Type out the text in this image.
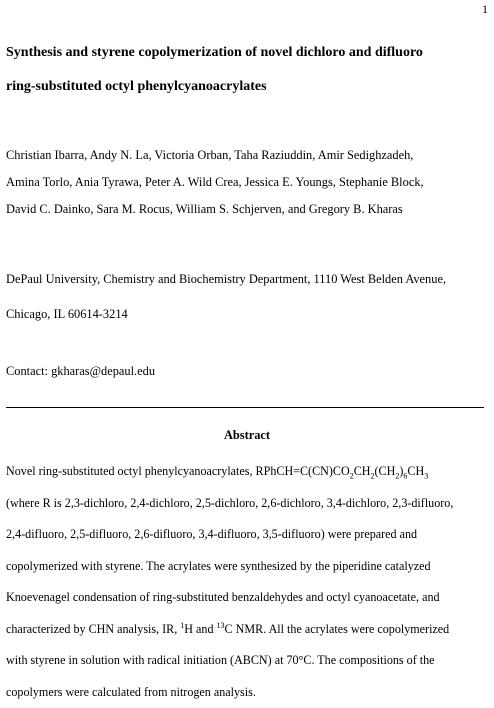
1
Synthesis and styrene copolymerization of novel dichloro and difluoro
ring-substituted octyl phenylcyanoacrylates

Christian Ibarra, Andy N. La, Victoria Orban, Taha Raziuddin, Amir Sedighzadeh,
Amina Torlo, Ania Tyrawa, Peter A. Wild Crea, Jessica E. Youngs, Stephanie Block,
David C. Dainko, Sara M. Rocus, William S. Schjerven, and Gregory B. Kharas

DePaul University, Chemistry and Biochemistry Department, 1110 West Belden Avenue,
Chicago, IL 60614-3214

Contact: gkharas@depaul.edu

Abstract

Novel ring-substituted octyl phenylcyanoacrylates, $RPhCH=C(CN)CO_2CH_2(CH_2)_6CH_3$
(where R is 2,3-dichloro, 2,4-dichloro, 2,5-dichloro, 2,6-dichloro, 3,4-dichloro, 2,3-difluoro,
2,4-difluoro, 2,5-difluoro, 2,6-difluoro, 3,4-difluoro, 3,5-difluoro) were prepared and
copolymerized with styrene. The acrylates were synthesized by the piperidine catalyzed
Knoevenagel condensation of ring-substituted benzaldehydes and octyl cyanoacetate, and
characterized by CHN analysis, IR, $^1$H and $^{13}$C NMR. All the acrylates were copolymerized
with styrene in solution with radical initiation (ABCN) at 70°C. The compositions of the
copolymers were calculated from nitrogen analysis.
